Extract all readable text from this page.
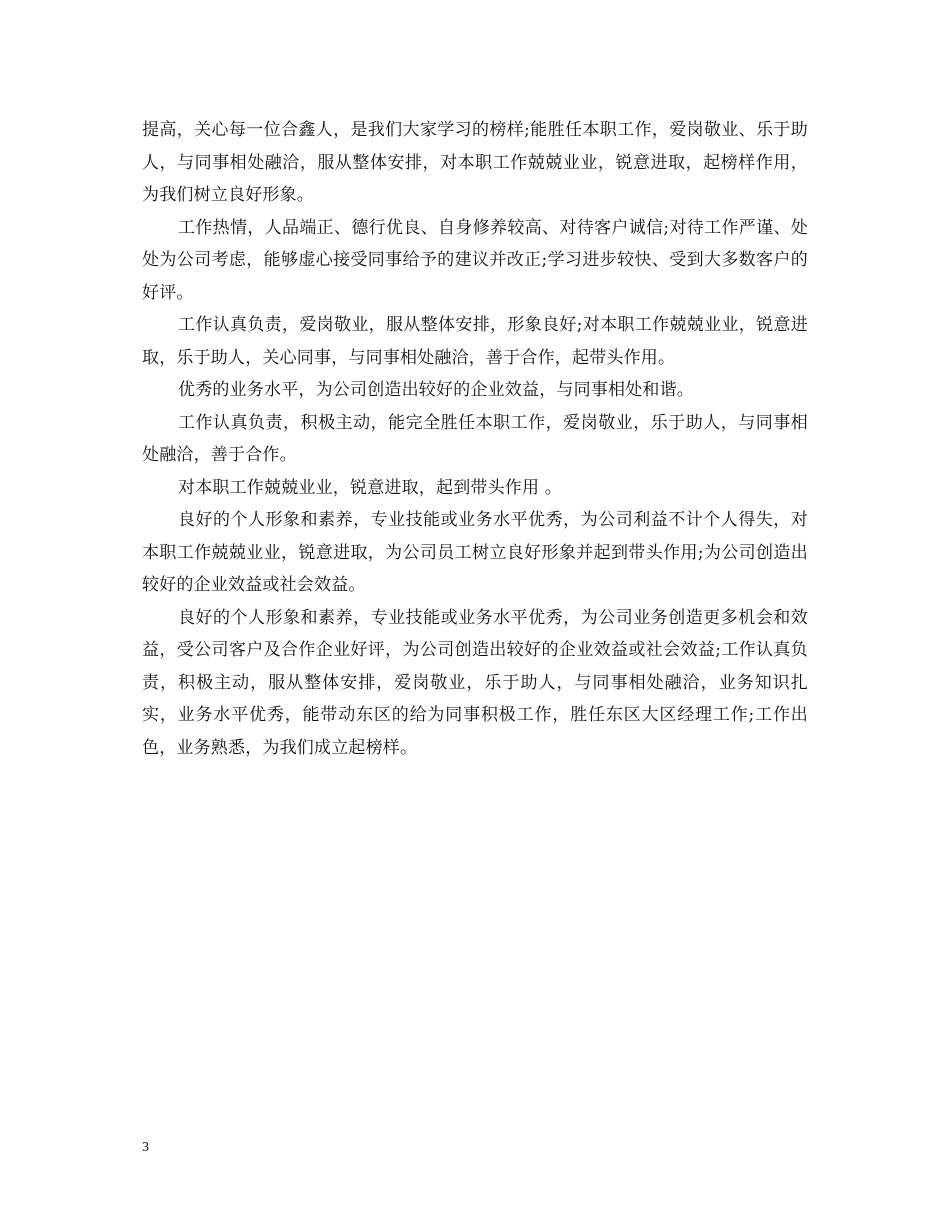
提高，关心每一位合鑫人，是我们大家学习的榜样;能胜任本职工作，爱岗敬业、乐于助人，与同事相处融洽，服从整体安排，对本职工作兢兢业业，锐意进取，起榜样作用，为我们树立良好形象。

工作热情，人品端正、德行优良、自身修养较高、对待客户诚信;对待工作严谨、处处为公司考虑，能够虚心接受同事给予的建议并改正;学习进步较快、受到大多数客户的好评。

工作认真负责，爱岗敬业，服从整体安排，形象良好;对本职工作兢兢业业，锐意进取，乐于助人，关心同事，与同事相处融洽，善于合作，起带头作用。

优秀的业务水平，为公司创造出较好的企业效益，与同事相处和谐。

工作认真负责，积极主动，能完全胜任本职工作，爱岗敬业，乐于助人，与同事相处融洽，善于合作。

对本职工作兢兢业业，锐意进取，起到带头作用 。

良好的个人形象和素养，专业技能或业务水平优秀，为公司利益不计个人得失，对本职工作兢兢业业，锐意进取，为公司员工树立良好形象并起到带头作用;为公司创造出较好的企业效益或社会效益。

良好的个人形象和素养，专业技能或业务水平优秀，为公司业务创造更多机会和效益，受公司客户及合作企业好评，为公司创造出较好的企业效益或社会效益;工作认真负责，积极主动，服从整体安排，爱岗敬业，乐于助人，与同事相处融洽，业务知识扎实，业务水平优秀，能带动东区的给为同事积极工作，胜任东区大区经理工作;工作出色，业务熟悉，为我们成立起榜样。

3
